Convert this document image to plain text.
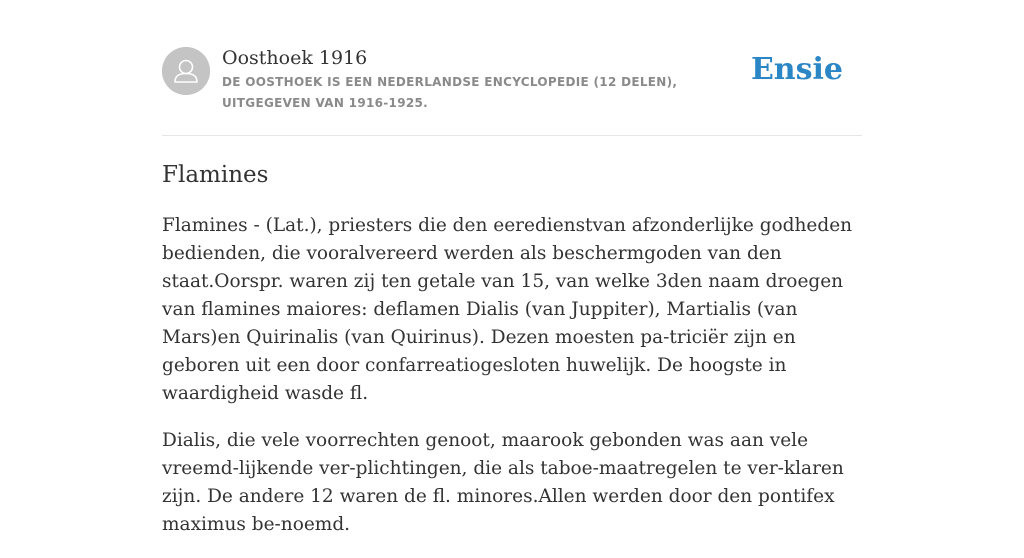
Oosthoek 1916
DE OOSTHOEK IS EEN NEDERLANDSE ENCYCLOPEDIE (12 DELEN), UITGEGEVEN VAN 1916-1925.
Ensie
Flamines

Flamines - (Lat.), priesters die den eeredienstvan afzonderlijke godheden bedienden, die vooralvereerd werden als beschermgoden van den staat.Oorspr. waren zij ten getale van 15, van welke 3den naam droegen van flamines maiores: deflamen Dialis (van Juppiter), Martialis (van Mars)en Quirinalis (van Quirinus). Dezen moesten pa-triciër zijn en geboren uit een door confarreatiogesloten huwelijk. De hoogste in waardigheid wasde fl.

Dialis, die vele voorrechten genoot, maarook gebonden was aan vele vreemd-lijkende ver-plichtingen, die als taboe-maatregelen te ver-klaren zijn. De andere 12 waren de fl. minores.Allen werden door den pontifex maximus be-noemd.
